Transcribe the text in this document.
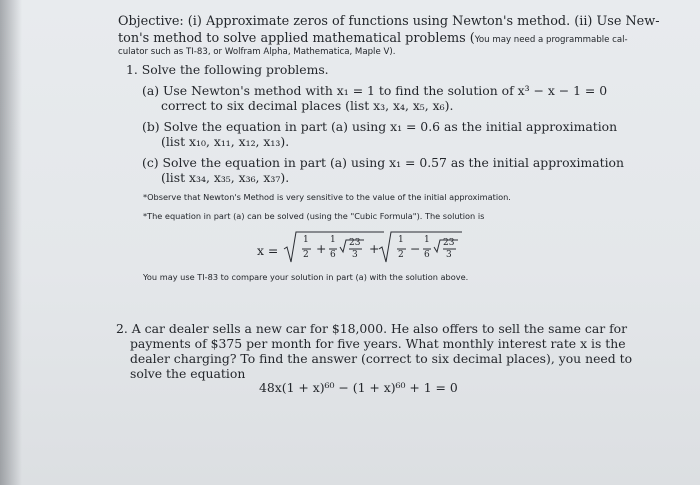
Objective: (i) Approximate zeros of functions using Newton's method. (ii) Use New-
ton's method to solve applied mathematical problems (You may need a programmable cal-
culator such as TI-83, or Wolfram Alpha, Mathematica, Maple V).
1. Solve the following problems.
(a) Use Newton's method with x₁ = 1 to find the solution of x³ − x − 1 = 0
correct to six decimal places (list x₃, x₄, x₅, x₆).
(b) Solve the equation in part (a) using x₁ = 0.6 as the initial approximation
(list x₁₀, x₁₁, x₁₂, x₁₃).
(c) Solve the equation in part (a) using x₁ = 0.57 as the initial approximation
(list x₃₄, x₃₅, x₃₆, x₃₇).
*Observe that Newton's Method is very sensitive to the value of the initial approximation.
*The equation in part (a) can be solved (using the "Cubic Formula"). The solution is
x =
1
2 +
1
6
23
3 +
1
2 −
1
6
23
3
You may use TI-83 to compare your solution in part (a) with the solution above.
2. A car dealer sells a new car for $18,000. He also offers to sell the same car for
payments of $375 per month for five years. What monthly interest rate x is the
dealer charging? To find the answer (correct to six decimal places), you need to
solve the equation
48x(1 + x)⁶⁰ − (1 + x)⁶⁰ + 1 = 0
